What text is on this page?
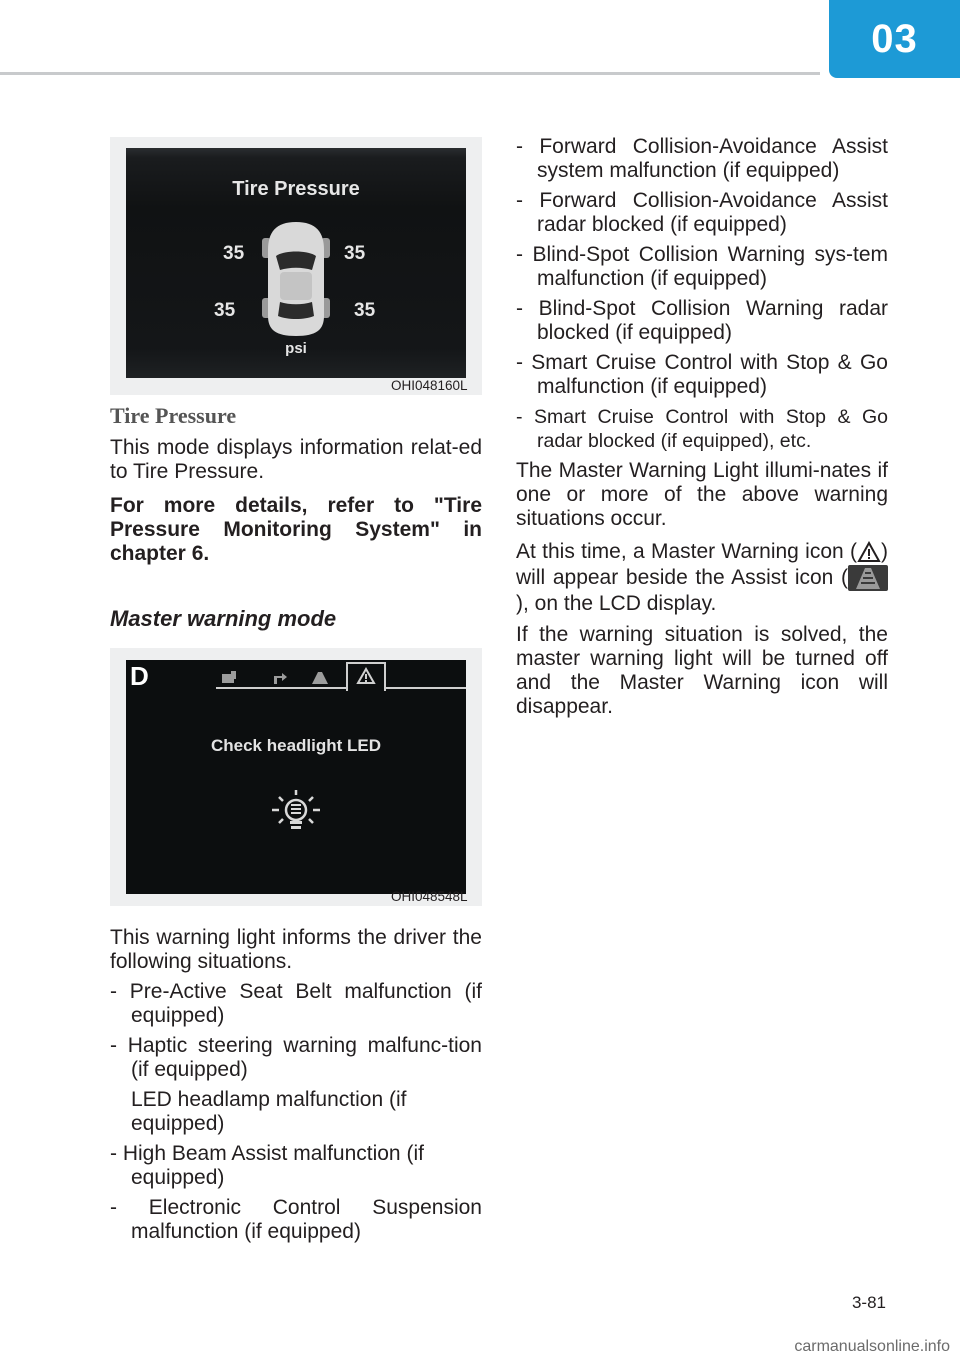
03
Tire Pressure
35	35
35	35
psi
OHI048160L

Tire Pressure

This mode displays information relat-ed to Tire Pressure.

For more details, refer to "Tire Pressure Monitoring System" in chapter 6.

Master warning mode

D
Check headlight LED
OHI048548L

This warning light informs the driver the following situations.

- Pre-Active Seat Belt malfunction (if equipped)

- Haptic steering warning malfunc-tion (if equipped)

LED headlamp malfunction (if equipped)

- High Beam Assist malfunction (if equipped)

- Electronic Control Suspension malfunction (if equipped)

- Forward Collision-Avoidance Assist system malfunction (if equipped)

- Forward Collision-Avoidance Assist radar blocked (if equipped)

- Blind-Spot Collision Warning sys-tem malfunction (if equipped)

- Blind-Spot Collision Warning radar blocked (if equipped)

- Smart Cruise Control with Stop & Go malfunction (if equipped)

- Smart Cruise Control with Stop & Go radar blocked (if equipped), etc.

The Master Warning Light illumi-nates if one or more of the above warning situations occur.

At this time, a Master Warning icon ( ) will appear beside the Assist icon (), on the LCD display.

If the warning situation is solved, the master warning light will be turned off and the Master Warning icon will disappear.

3-81
carmanualsonline.info
